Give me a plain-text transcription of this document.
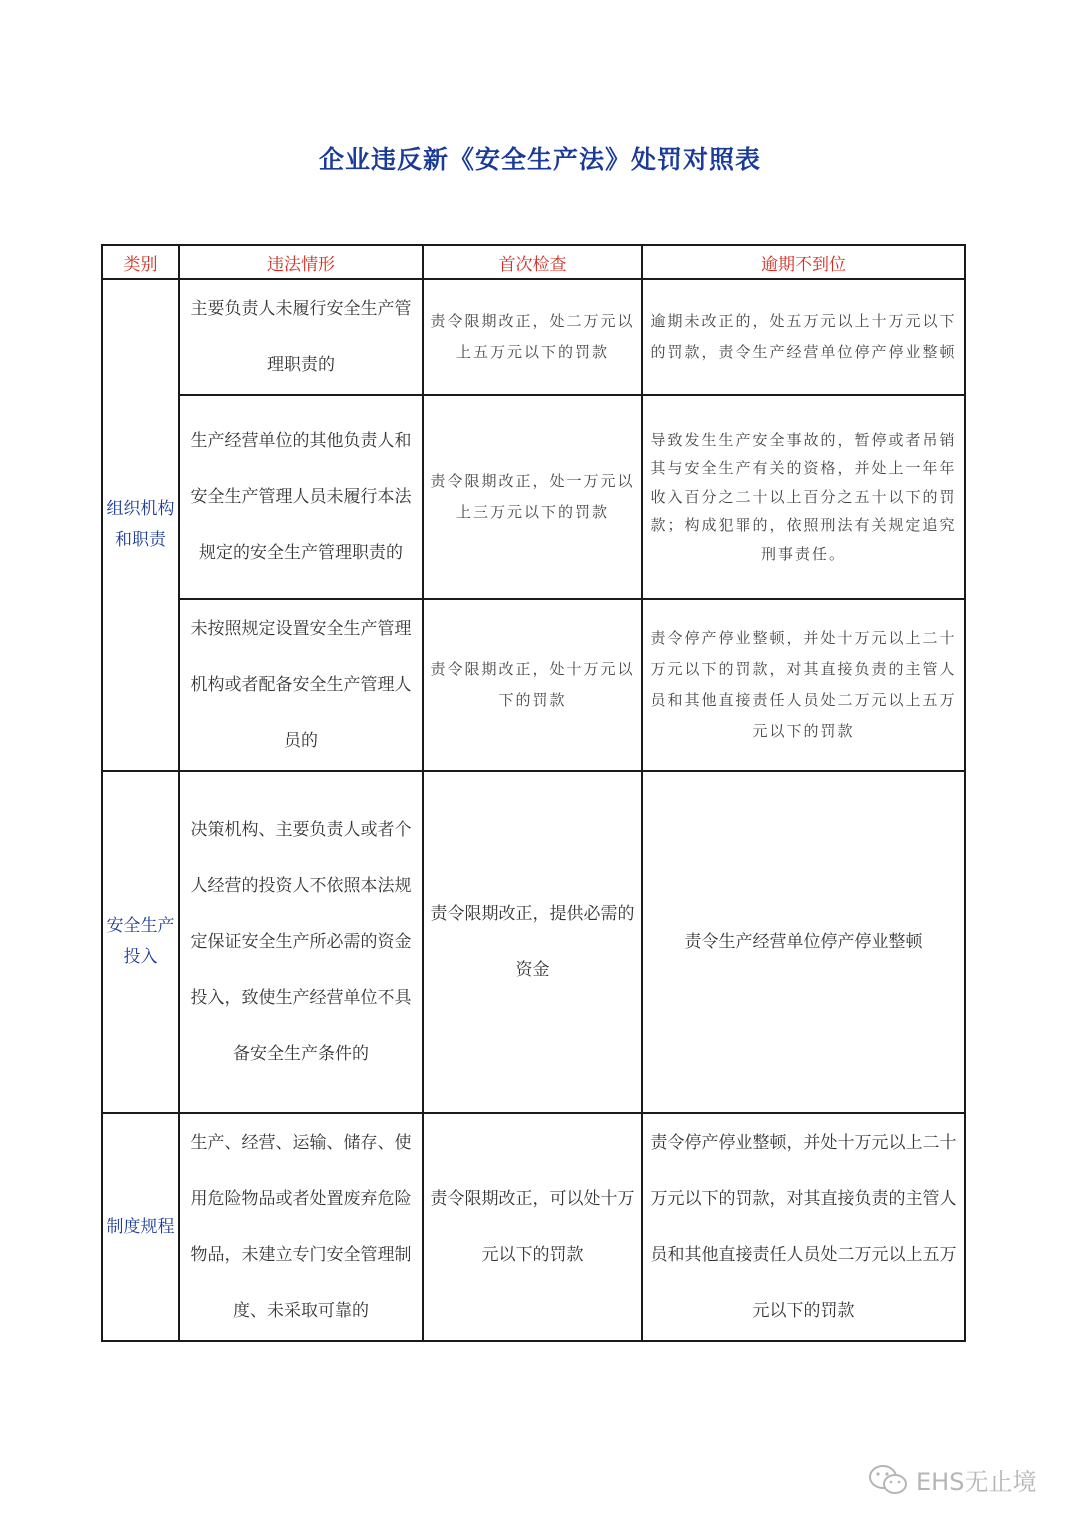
企业违反新《安全生产法》处罚对照表
类别	违法情形	首次检查	逾期不到位
组织机构和职责	主要负责人未履行安全生产管理职责的	责令限期改正，处二万元以上五万元以下的罚款	逾期未改正的，处五万元以上十万元以下的罚款，责令生产经营单位停产停业整顿
	生产经营单位的其他负责人和安全生产管理人员未履行本法规定的安全生产管理职责的	责令限期改正，处一万元以上三万元以下的罚款	导致发生生产安全事故的，暂停或者吊销其与安全生产有关的资格，并处上一年年收入百分之二十以上百分之五十以下的罚款；构成犯罪的，依照刑法有关规定追究刑事责任。
	未按照规定设置安全生产管理机构或者配备安全生产管理人员的	责令限期改正，处十万元以下的罚款	责令停产停业整顿，并处十万元以上二十万元以下的罚款，对其直接负责的主管人员和其他直接责任人员处二万元以上五万元以下的罚款
安全生产投入	决策机构、主要负责人或者个人经营的投资人不依照本法规定保证安全生产所必需的资金投入，致使生产经营单位不具备安全生产条件的	责令限期改正，提供必需的资金	责令生产经营单位停产停业整顿
制度规程	生产、经营、运输、储存、使用危险物品或者处置废弃危险物品，未建立专门安全管理制度、未采取可靠的	责令限期改正，可以处十万元以下的罚款	责令停产停业整顿，并处十万元以上二十万元以下的罚款，对其直接负责的主管人员和其他直接责任人员处二万元以上五万元以下的罚款
EHS无止境
